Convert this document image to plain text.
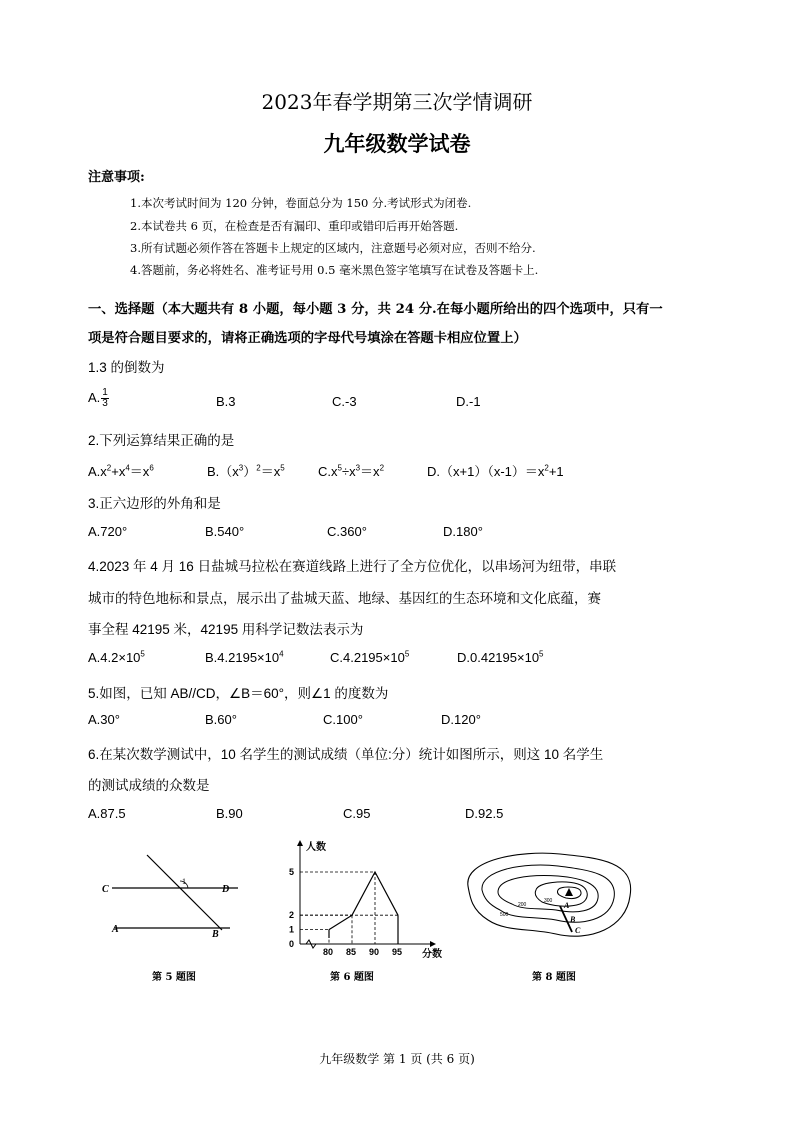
2023年春学期第三次学情调研
九年级数学试卷
注意事项:
1.本次考试时间为 120 分钟，卷面总分为 150 分.考试形式为闭卷.
2.本试卷共 6 页，在检查是否有漏印、重印或错印后再开始答题.
3.所有试题必须作答在答题卡上规定的区域内，注意题号必须对应，否则不给分.
4.答题前，务必将姓名、准考证号用 0.5 毫米黑色签字笔填写在试卷及答题卡上.
一、选择题（本大题共有 8 小题，每小题 3 分，共 24 分.在每小题所给出的四个选项中，只有一
项是符合题目要求的，请将正确选项的字母代号填涂在答题卡相应位置上）
1.3 的倒数为
A. $\frac{1}{3}$	B.3	C.-3	D.-1
2.下列运算结果正确的是
$A.x^2+x^4=x^6$	$B.(x^3)^2=x^5$	$C.x^5\div x^3=x^2$	$D.(x+1)(x-1)=x^2+1$
3.正六边形的外角和是
A.720°	B.540°	C.360°	D.180°
4.2023 年 4 月 16 日盐城马拉松在赛道线路上进行了全方位优化，以串场河为纽带，串联
城市的特色地标和景点，展示出了盐城天蓝、地绿、基因红的生态环境和文化底蕴，赛
事全程 42195 米，42195 用科学记数法表示为
$A.4.2\times 10^5$	$B.4.2195\times 10^4$	$C.4.2195\times 10^5$	$D.0.42195\times 10^5$
5.如图，已知 AB//CD，∠B＝60°，则∠1 的度数为
A.30°	B.60°	C.100°	D.120°
6.在某次数学测试中，10 名学生的测试成绩（单位:分）统计如图所示，则这 10 名学生
的测试成绩的众数是
A.87.5	B.90	C.95	D.92.5
C	D
A	B
1
第 5 题图
人数
分数
80 85 90 95
5
2
1
0
第 6 题图
A
B
C
300
200
500
第 8 题图
九年级数学 第 1 页 (共 6 页)
